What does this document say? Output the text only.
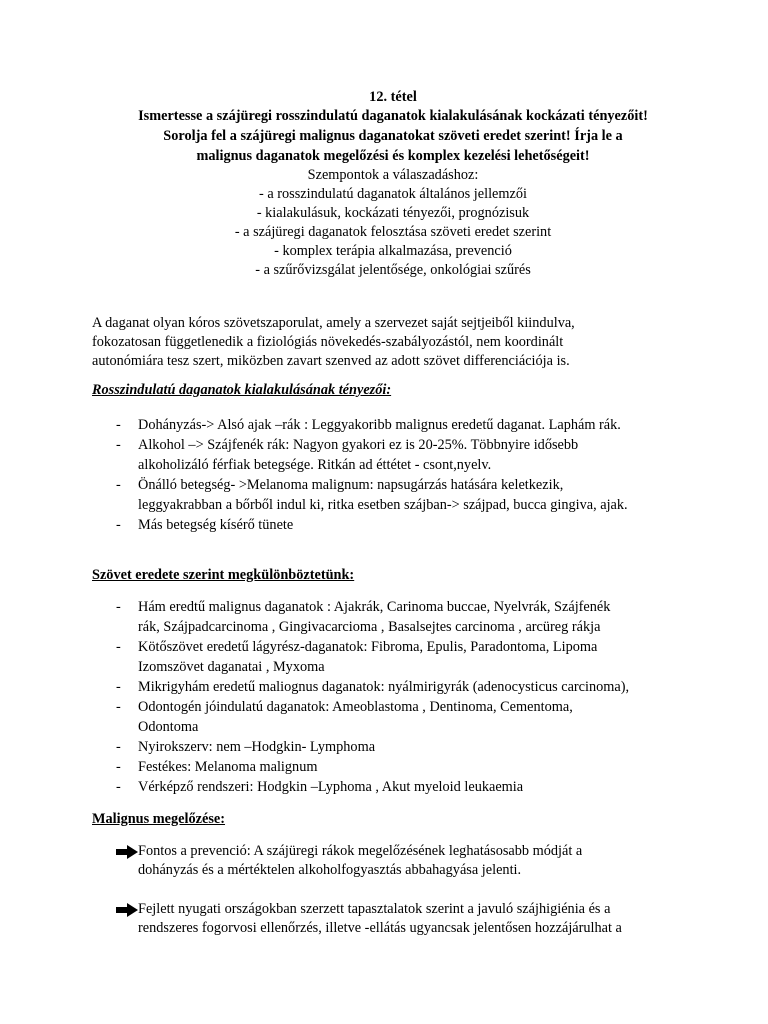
12. tétel
Ismertesse a szájüregi rosszindulatú daganatok kialakulásának kockázati tényezőit!
Sorolja fel a szájüregi malignus daganatokat szöveti eredet szerint! Írja le a
malignus daganatok megelőzési és komplex kezelési lehetőségeit!
Szempontok a válaszadáshoz:
- a rosszindulatú daganatok általános jellemzői
- kialakulásuk, kockázati tényezői, prognózisuk
- a szájüregi daganatok felosztása szöveti eredet szerint
- komplex terápia alkalmazása, prevenció
- a szűrővizsgálat jelentősége, onkológiai szűrés
A daganat olyan kóros szövetszaporulat, amely a szervezet saját sejtjeiből kiindulva,
fokozatosan függetlenedik a fiziológiás növekedés-szabályozástól, nem koordinált
autonómiára tesz szert, miközben zavart szenved az adott szövet differenciációja is.
Rosszindulatú daganatok kialakulásának tényezői:
- Dohányzás-> Alsó ajak –rák : Leggyakoribb malignus eredetű daganat. Laphám rák.
- Alkohol –> Szájfenék rák: Nagyon gyakori ez is 20-25%. Többnyire idősebb
alkoholizáló férfiak betegsége. Ritkán ad éttétet - csont,nyelv.
- Önálló betegség- >Melanoma malignum: napsugárzás hatására keletkezik,
leggyakrabban a bőrből indul ki, ritka esetben szájban-> szájpad, bucca gingiva, ajak.
- Más betegség kísérő tünete
Szövet eredete szerint megkülönböztetünk:
- Hám eredtű malignus daganatok : Ajakrák, Carinoma buccae, Nyelvrák, Szájfenék
rák, Szájpadcarcinoma , Gingivacarcioma , Basalsejtes carcinoma , arcüreg rákja
- Kötőszövet eredetű lágyrész-daganatok: Fibroma, Epulis, Paradontoma, Lipoma
Izomszövet daganatai , Myxoma
- Mikrigyhám eredetű maliognus daganatok: nyálmirigyrák (adenocysticus carcinoma),
- Odontogén jóindulatú daganatok: Ameoblastoma , Dentinoma, Cementoma,
Odontoma
- Nyirokszerv: nem –Hodgkin- Lymphoma
- Festékes: Melanoma malignum
- Vérképző rendszeri: Hodgkin –Lyphoma , Akut myeloid leukaemia
Malignus megelőzése:
Fontos a prevenció: A szájüregi rákok megelőzésének leghatásosabb módját a
dohányzás és a mértéktelen alkoholfogyasztás abbahagyása jelenti.
Fejlett nyugati országokban szerzett tapasztalatok szerint a javuló szájhigiénia és a
rendszeres fogorvosi ellenőrzés, illetve -ellátás ugyancsak jelentősen hozzájárulhat a
